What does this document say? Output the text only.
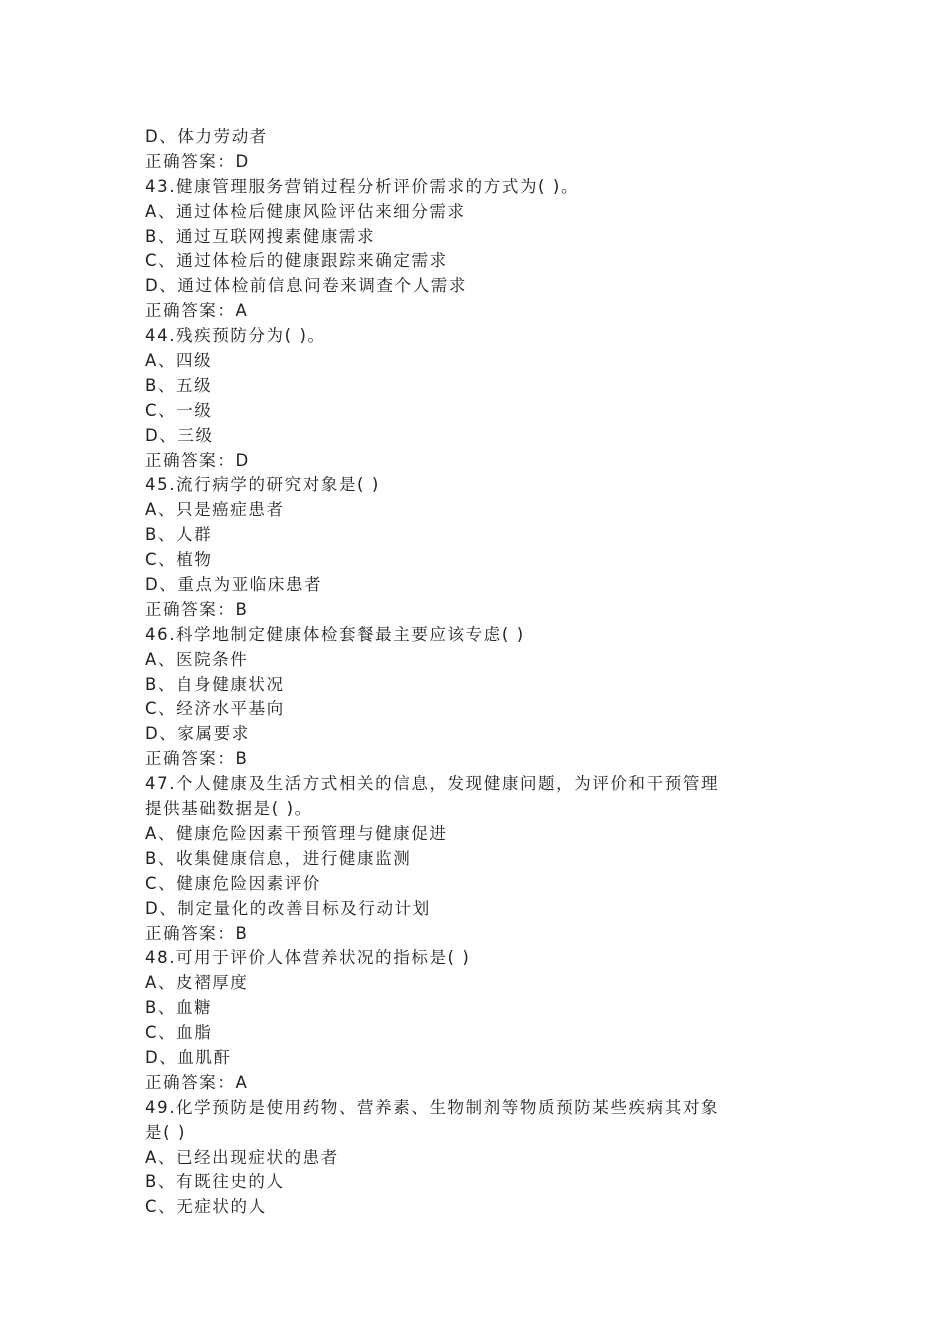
D、体力劳动者
正确答案：D
43.健康管理服务营销过程分析评价需求的方式为( )。
A、通过体检后健康风险评估来细分需求
B、通过互联网搜素健康需求
C、通过体检后的健康跟踪来确定需求
D、通过体检前信息问卷来调查个人需求
正确答案：A
44.残疾预防分为( )。
A、四级
B、五级
C、一级
D、三级
正确答案：D
45.流行病学的研究对象是( )
A、只是癌症患者
B、人群
C、植物
D、重点为亚临床患者
正确答案：B
46.科学地制定健康体检套餐最主要应该专虑( )
A、医院条件
B、自身健康状况
C、经济水平基向
D、家属要求
正确答案：B
47.个人健康及生活方式相关的信息，发现健康问题，为评价和干预管理
提供基础数据是( )。
A、健康危险因素干预管理与健康促进
B、收集健康信息，进行健康监测
C、健康危险因素评价
D、制定量化的改善目标及行动计划
正确答案：B
48.可用于评价人体营养状况的指标是( )
A、皮褶厚度
B、血糖
C、血脂
D、血肌酐
正确答案：A
49.化学预防是使用药物、营养素、生物制剂等物质预防某些疾病其对象
是( )
A、已经出现症状的患者
B、有既往史的人
C、无症状的人
